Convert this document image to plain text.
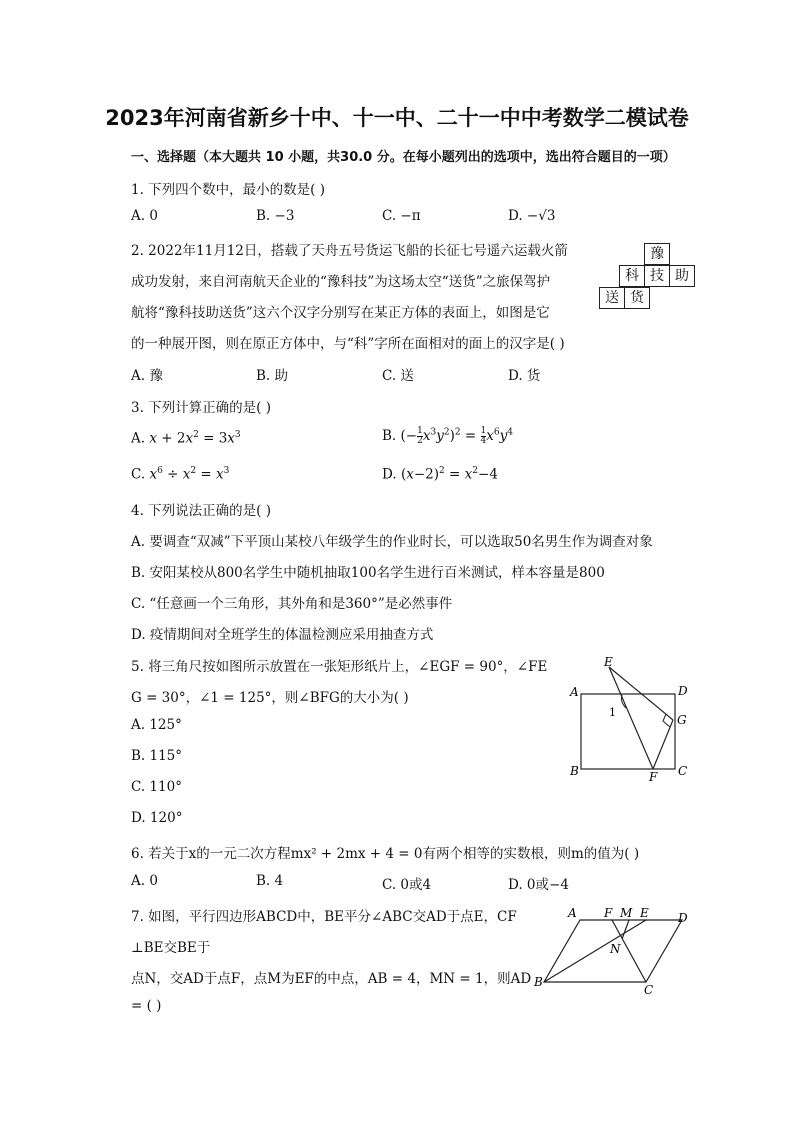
2023年河南省新乡十中、十一中、二十一中中考数学二模试卷
一、选择题（本大题共 10 小题，共30.0 分。在每小题列出的选项中，选出符合题目的一项）
1. 下列四个数中，最小的数是( )
A. 0	B. −3	C. −π	D. −√3
2. 2022年11月12日，搭载了天舟五号货运飞船的长征七号遥六运载火箭
成功发射，来自河南航天企业的“豫科技”为这场太空“送货”之旅保驾护
航将“豫科技助送货”这六个汉字分别写在某正方体的表面上，如图是它
的一种展开图，则在原正方体中，与“科”字所在面相对的面上的汉字是( )
A. 豫	B. 助	C. 送	D. 货
豫
科 技 助
送 货
3. 下列计算正确的是( )
A. $x + 2x^2 = 3x^3$	B. (− $\frac{1}{2} x^3y^2)^2 = \frac{1}{4} x^6y^4$
C. $x^6 \div x^2 = x^3$	D. $(x-2)^2 = x^2-4$
4. 下列说法正确的是( )
A. 要调查“双减”下平顶山某校八年级学生的作业时长，可以选取50名男生作为调查对象
B. 安阳某校从800名学生中随机抽取100名学生进行百米测试，样本容量是800
C. “任意画一个三角形，其外角和是360°”是必然事件
D. 疫情期间对全班学生的体温检测应采用抽查方式
5. 将三角尺按如图所示放置在一张矩形纸片上，∠EGF = 90°，∠FE
G = 30°，∠1 = 125°，则∠BFG的大小为( )
A. 125°
B. 115°
C. 110°
D. 120°
E
A	D
G
B	F C
1
6. 若关于x的一元二次方程mx² + 2mx + 4 = 0有两个相等的实数根，则m的值为( )
A. 0	B. 4	C. 0或4	D. 0或−4
7. 如图，平行四边形ABCD中，BE平分∠ABC交AD于点E，CF
⊥BE交BE于
点N，交AD于点F，点M为EF的中点，AB = 4，MN = 1，则AD
= ( )
A F M E D
N
B
C
